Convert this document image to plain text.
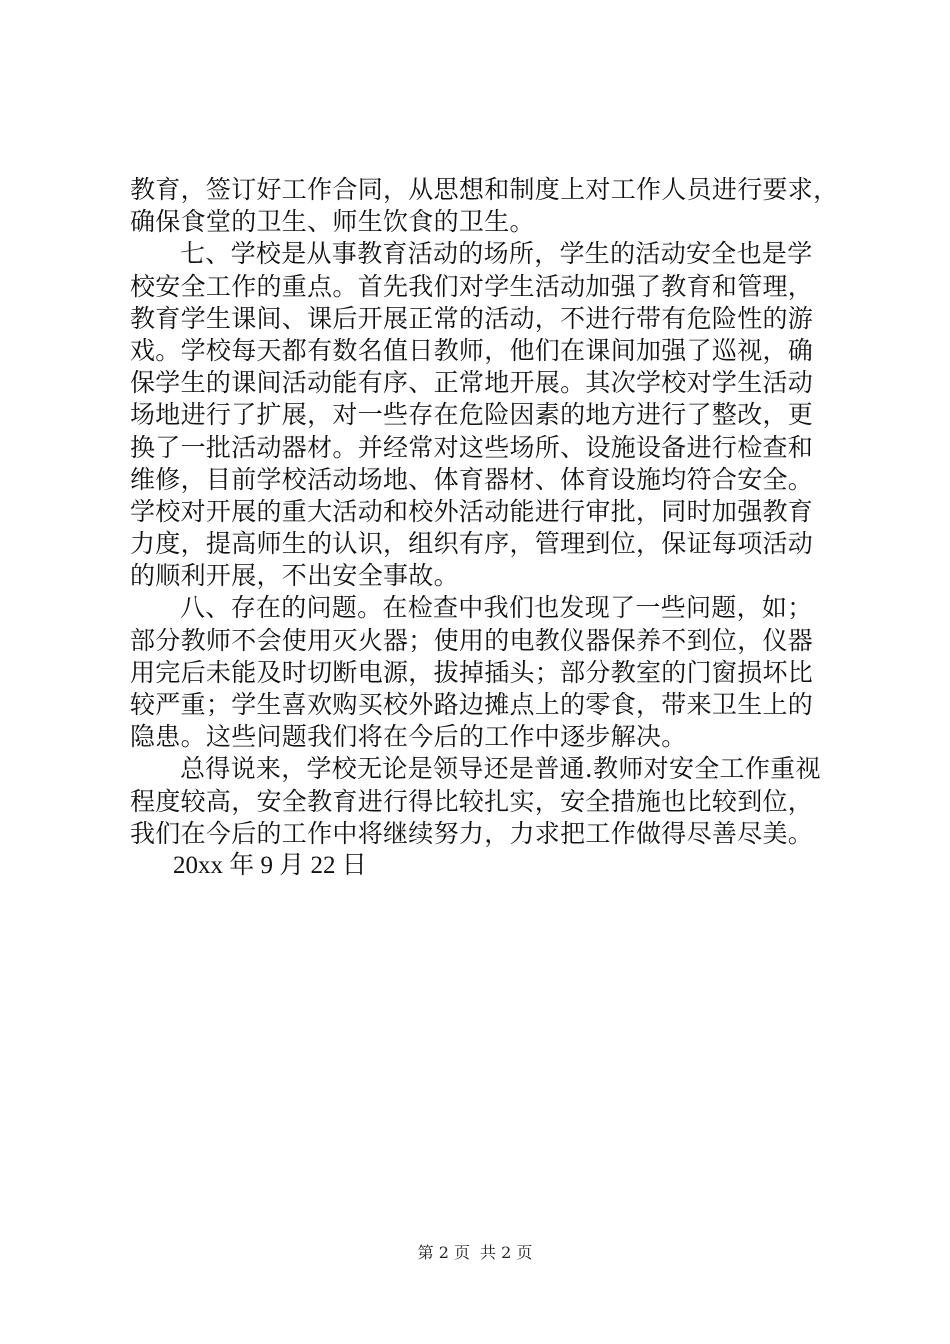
教育，签订好工作合同，从思想和制度上对工作人员进行要求，
确保食堂的卫生、师生饮食的卫生。
七、学校是从事教育活动的场所，学生的活动安全也是学
校安全工作的重点。首先我们对学生活动加强了教育和管理，
教育学生课间、课后开展正常的活动，不进行带有危险性的游
戏。学校每天都有数名值日教师，他们在课间加强了巡视，确
保学生的课间活动能有序、正常地开展。其次学校对学生活动
场地进行了扩展，对一些存在危险因素的地方进行了整改，更
换了一批活动器材。并经常对这些场所、设施设备进行检查和
维修，目前学校活动场地、体育器材、体育设施均符合安全。
学校对开展的重大活动和校外活动能进行审批，同时加强教育
力度，提高师生的认识，组织有序，管理到位，保证每项活动
的顺利开展，不出安全事故。
八、存在的问题。在检查中我们也发现了一些问题，如；
部分教师不会使用灭火器；使用的电教仪器保养不到位，仪器
用完后未能及时切断电源，拔掉插头；部分教室的门窗损坏比
较严重；学生喜欢购买校外路边摊点上的零食，带来卫生上的
隐患。这些问题我们将在今后的工作中逐步解决。
总得说来，学校无论是领导还是普通.教师对安全工作重视
程度较高，安全教育进行得比较扎实，安全措施也比较到位，
我们在今后的工作中将继续努力，力求把工作做得尽善尽美。
20xx 年 9 月 22 日
第 2 页 共 2 页
